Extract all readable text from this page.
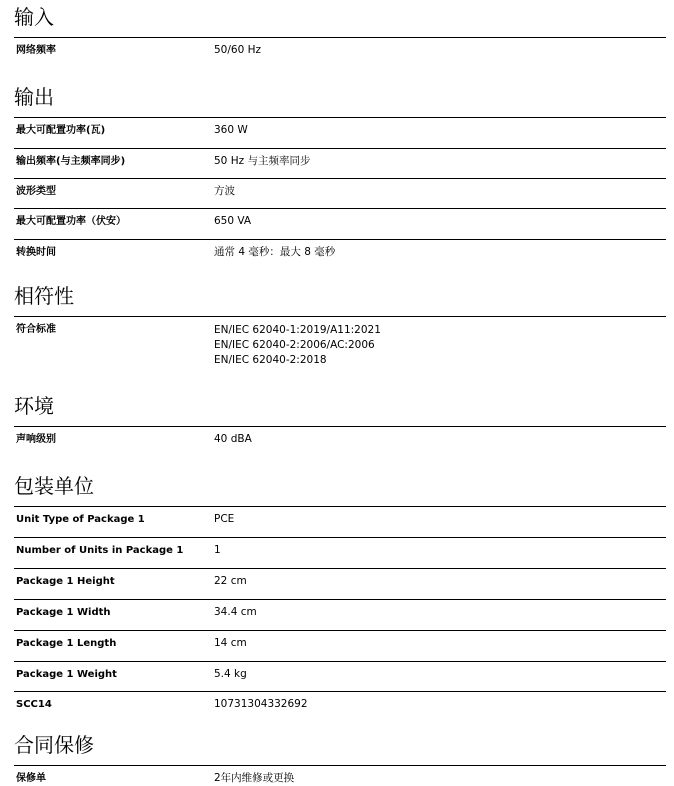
输入
网络频率	50/60 Hz
输出
最大可配置功率(瓦)	360 W
输出频率(与主频率同步)	50 Hz 与主频率同步
波形类型	方波
最大可配置功率（伏安）	650 VA
转换时间	通常 4 毫秒：最大 8 毫秒
相符性
符合标准	EN/IEC 62040-1:2019/A11:2021
EN/IEC 62040-2:2006/AC:2006
EN/IEC 62040-2:2018
环境
声响级别	40 dBA
包装单位
Unit Type of Package 1	PCE
Number of Units in Package 1	1
Package 1 Height	22 cm
Package 1 Width	34.4 cm
Package 1 Length	14 cm
Package 1 Weight	5.4 kg
SCC14	10731304332692
合同保修
保修单	2年内维修或更换
